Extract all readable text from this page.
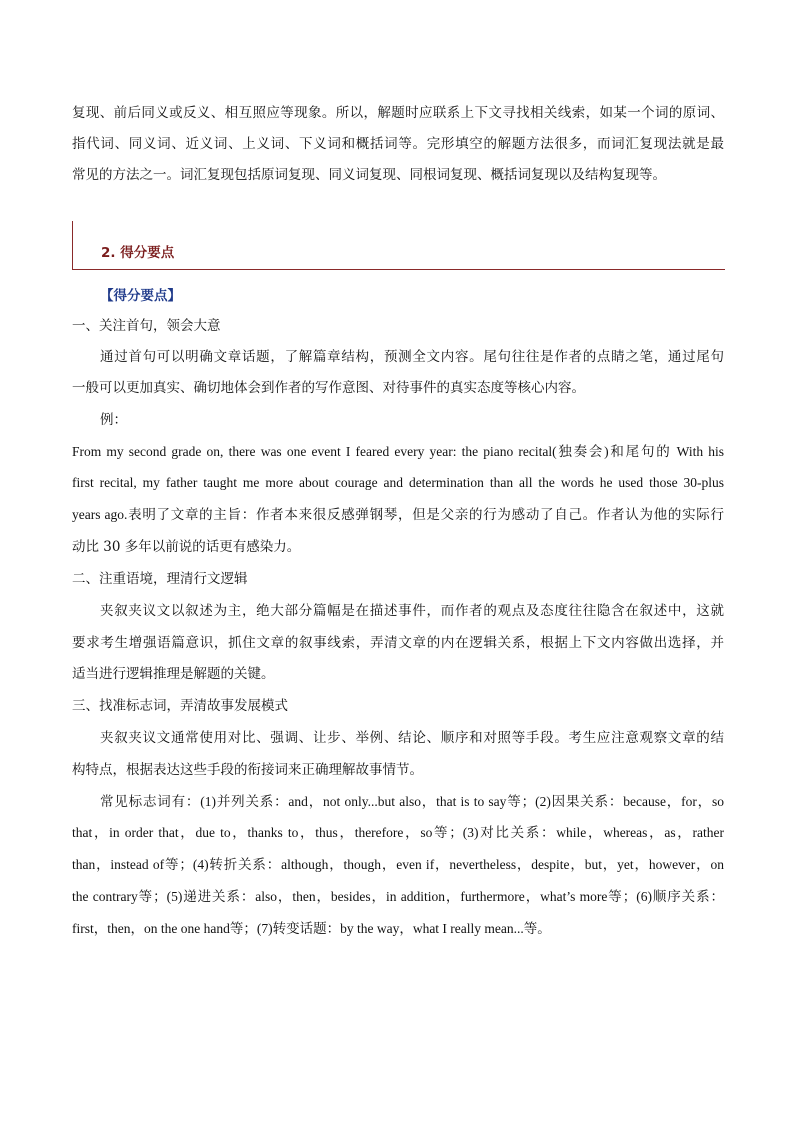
复现、前后同义或反义、相互照应等现象。所以，解题时应联系上下文寻找相关线索，如某一个词的原词、
指代词、同义词、近义词、上义词、下义词和概括词等。完形填空的解题方法很多，而词汇复现法就是最
常见的方法之一。词汇复现包括原词复现、同义词复现、同根词复现、概括词复现以及结构复现等。
2. 得分要点
【得分要点】
一、关注首句，领会大意
通过首句可以明确文章话题，了解篇章结构，预测全文内容。尾句往往是作者的点睛之笔，通过尾句
一般可以更加真实、确切地体会到作者的写作意图、对待事件的真实态度等核心内容。
例：
From my second grade on, there was one event I feared every year: the piano recital(独奏会)和尾句的 With his
first recital, my father taught me more about courage and determination than all the words he used those 30-plus
years ago.表明了文章的主旨：作者本来很反感弹钢琴，但是父亲的行为感动了自己。作者认为他的实际行
动比 30 多年以前说的话更有感染力。
二、注重语境，理清行文逻辑
夹叙夹议文以叙述为主，绝大部分篇幅是在描述事件，而作者的观点及态度往往隐含在叙述中，这就
要求考生增强语篇意识，抓住文章的叙事线索，弄清文章的内在逻辑关系，根据上下文内容做出选择，并
适当进行逻辑推理是解题的关键。
三、找准标志词，弄清故事发展模式
夹叙夹议文通常使用对比、强调、让步、举例、结论、顺序和对照等手段。考生应注意观察文章的结
构特点，根据表达这些手段的衔接词来正确理解故事情节。
常见标志词有：(1)并列关系：and，not only...but also，that is to say等；(2)因果关系：because，for，so
that，in order that，due to，thanks to，thus，therefore，so等；(3)对比关系：while，whereas，as，rather
than，instead of等；(4)转折关系：although，though，even if，nevertheless，despite，but，yet，however，on
the contrary等；(5)递进关系：also，then，besides，in addition，furthermore，what’s more等；(6)顺序关系：
first，then，on the one hand等；(7)转变话题：by the way，what I really mean...等。
